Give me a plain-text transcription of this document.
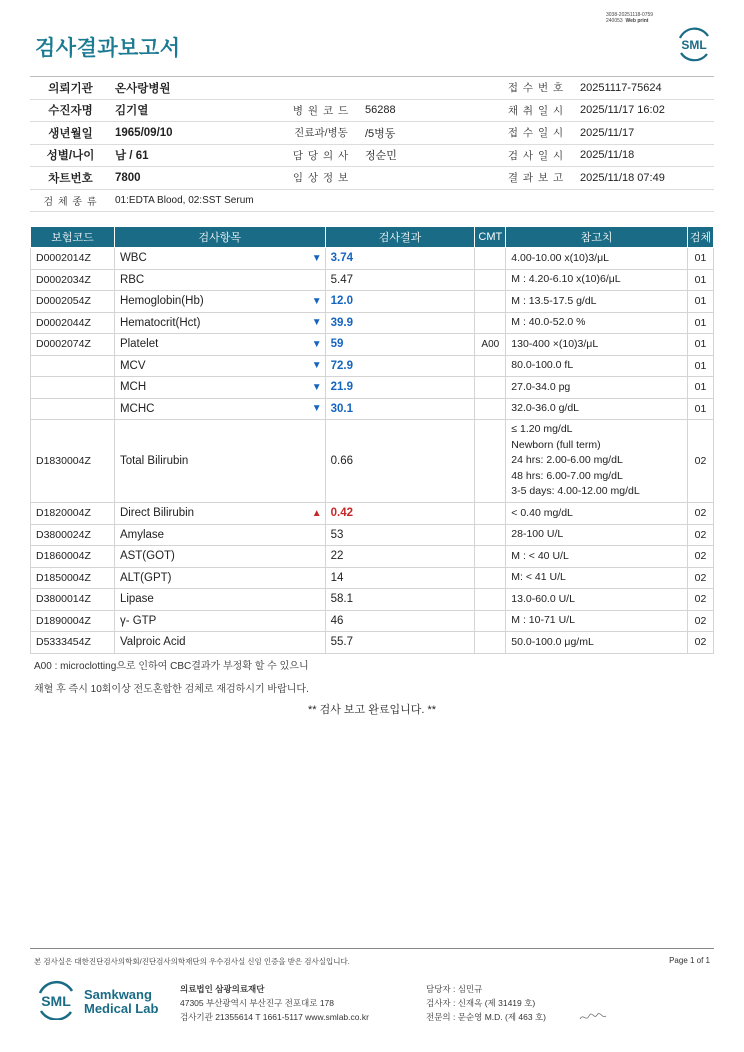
3038-20251118-0759
240053 Web print
검사결과보고서	SML
의뢰기관	온사랑병원			접 수 번 호	20251117-75624
수진자명	김기열	병 원 코 드	56288	채 취 일 시	2025/11/17 16:02
생년월일	1965/09/10	진료과/병동	/5병동	접 수 일 시	2025/11/17
성별/나이	남 / 61	담 당 의 사	정순민	검 사 일 시	2025/11/18
차트번호	7800	임 상 정 보		결 과 보 고	2025/11/18 07:49
검 체 종 류	01:EDTA Blood, 02:SST Serum				
보험코드	검사항목		검사결과	CMT	참고치	검체
D0002014Z	WBC	▼	3.74		4.00-10.00 x(10)3/μL	01
D0002034Z	RBC		5.47		M : 4.20-6.10 x(10)6/μL	01
D0002054Z	Hemoglobin(Hb)	▼	12.0		M : 13.5-17.5 g/dL	01
D0002044Z	Hematocrit(Hct)	▼	39.9		M : 40.0-52.0 %	01
D0002074Z	Platelet	▼	59	A00	130-400 ×(10)3/μL	01
	MCV	▼	72.9		80.0-100.0 fL	01
	MCH	▼	21.9		27.0-34.0 pg	01
	MCHC	▼	30.1		32.0-36.0 g/dL	01
D1830004Z	Total Bilirubin		0.66		≤ 1.20 mg/dL
Newborn (full term)
24 hrs: 2.00-6.00 mg/dL
48 hrs: 6.00-7.00 mg/dL
3-5 days: 4.00-12.00 mg/dL	02
D1820004Z	Direct Bilirubin	▲	0.42		< 0.40 mg/dL	02
D3800024Z	Amylase		53		28-100 U/L	02
D1860004Z	AST(GOT)		22		M : < 40 U/L	02
D1850004Z	ALT(GPT)		14		M: < 41 U/L	02
D3800014Z	Lipase		58.1		13.0-60.0 U/L	02
D1890004Z	γ- GTP		46		M : 10-71 U/L	02
D5333454Z	Valproic Acid		55.7		50.0-100.0 μg/mL	02
A00 : microclotting으로 인하여 CBC결과가 부정확 할 수 있으니
채혈 후 즉시 10회이상 전도혼합한 검체로 재검하시기 바랍니다.
** 검사 보고 완료입니다. **
본 검사실은 대한진단검사의학회/진단검사의학재단의 우수검사실 신임 인증을 받은 검사실입니다.	Page 1 of 1
SML Samkwang
Medical Lab
의료법인 삼광의료재단
47305 부산광역시 부산진구 전포대로 178
검사기관 21355614 T 1661-5117 www.smlab.co.kr
담당자 : 심민규
검사자 : 신재옥 (제 31419 호)
전문의 : 문순영 M.D. (제 463 호)
